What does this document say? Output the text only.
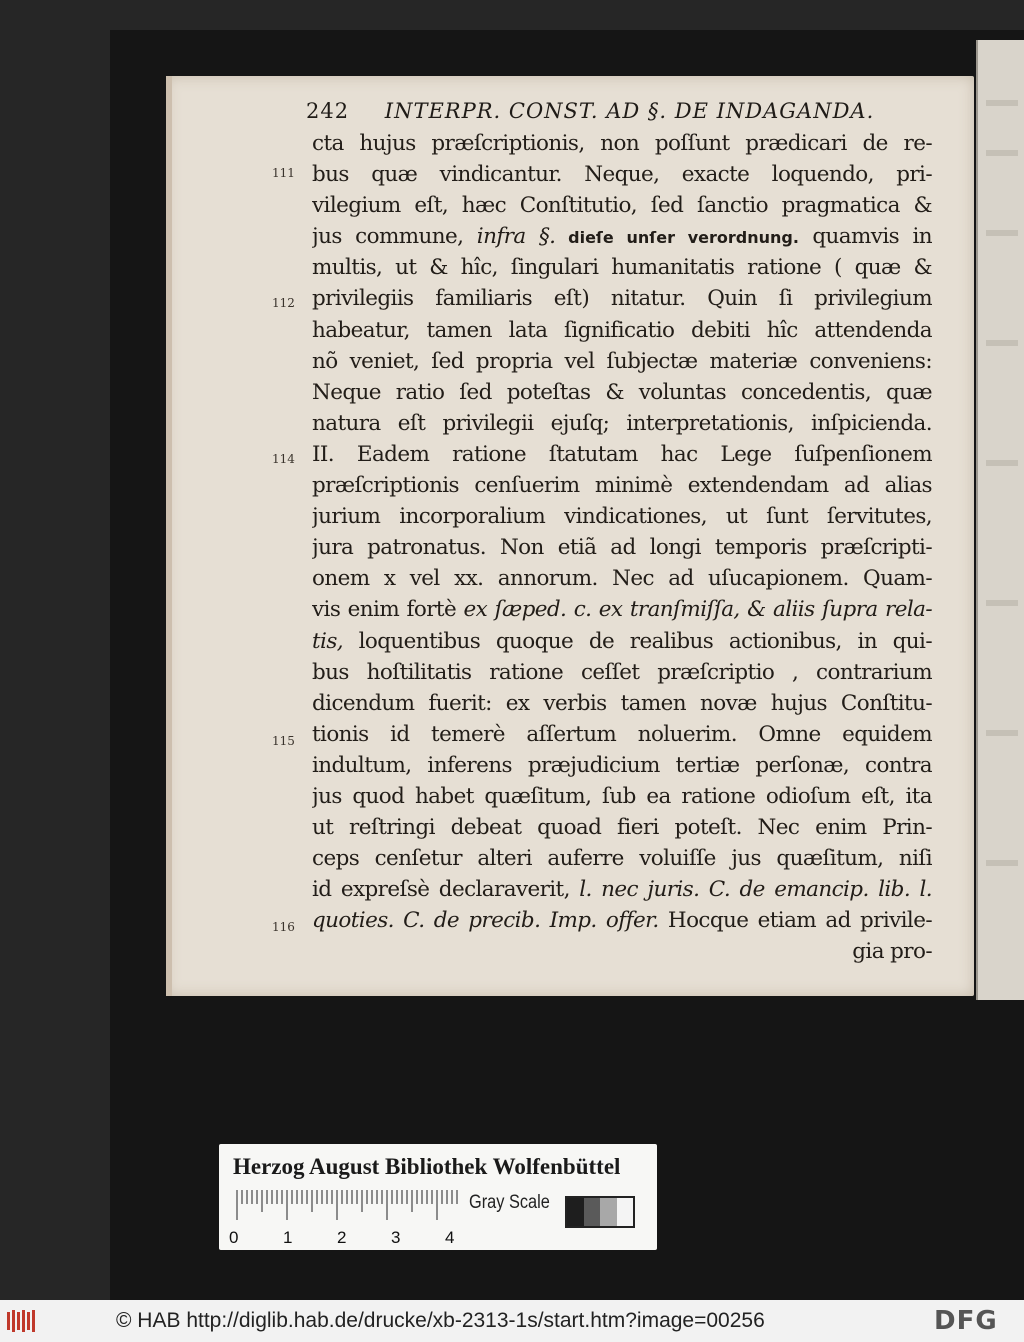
242 INTERPR. CONST. AD §. DE INDAGANDA.
cta hujus præſcriptionis, non poſſunt prædicari de re-
bus quæ vindicantur. Neque, exacte loquendo, pri-
vilegium eſt, hæc Conſtitutio, ſed ſanctio pragmatica &
jus commune, infra §. dieſe unſer verordnung. quamvis in
multis, ut & hîc, ſingulari humanitatis ratione ( quæ &
privilegiis familiaris eſt) nitatur. Quin ſi privilegium
habeatur, tamen lata ſignificatio debiti hîc attendenda
nõ veniet, ſed propria vel ſubjectæ materiæ conveniens:
Neque ratio ſed poteſtas & voluntas concedentis, quæ
natura eſt privilegii ejuſq; interpretationis, inſpicienda.
II. Eadem ratione ſtatutam hac Lege ſuſpenſionem
præſcriptionis cenſuerim minimè extendendam ad alias
jurium incorporalium vindicationes, ut ſunt ſervitutes,
jura patronatus. Non etiã ad longi temporis præſcripti-
onem x vel xx. annorum. Nec ad uſucapionem. Quam-
vis enim fortè ex ſæped. c. ex tranſmiſſa, & aliis ſupra rela-
tis, loquentibus quoque de realibus actionibus, in qui-
bus hoſtilitatis ratione ceſſet præſcriptio , contrarium
dicendum fuerit: ex verbis tamen novæ hujus Conſtitu-
tionis id temerè aſſertum noluerim. Omne equidem
indultum, inferens præjudicium tertiæ perſonæ, contra
jus quod habet quæſitum, ſub ea ratione odioſum eſt, ita
ut reſtringi debeat quoad fieri poteſt. Nec enim Prin-
ceps cenſetur alteri auferre voluiſſe jus quæſitum, niſi
id expreſsè declaraverit, l. nec juris. C. de emancip. lib. l.
quoties. C. de precib. Imp. offer. Hocque etiam ad privile-
gia pro-
111
112
114
115
116
Herzog August Bibliothek Wolfenbüttel
0	1	2	3	4
Gray Scale
© HAB http://diglib.hab.de/drucke/xb-2313-1s/start.htm?image=00256	DFG
